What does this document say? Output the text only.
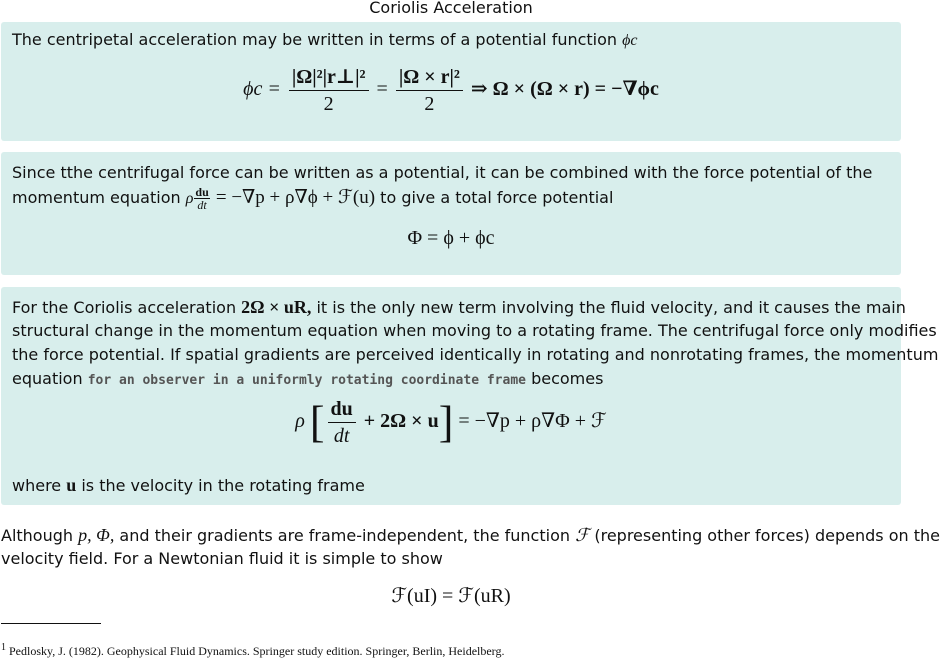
Coriolis Acceleration
The centripetal acceleration may be written in terms of a potential function ϕc
$\phi c = \frac{\text{|Ω|²|r⊥|²}}{2} = \frac{\text{|Ω × r|²}}{2}$ ⇒ Ω × (Ω × r) = −∇ϕc
Since tthe centrifugal force can be written as a potential, it can be combined with the force potential of the
momentum equation ρ $\frac{du}{dt} = -\nabla p + \rho\nabla\phi$ + ℱ(u) to give a total force potential
Φ = ϕ + ϕc
For the Coriolis acceleration 2Ω × uR, it is the only new term involving the fluid velocity, and it causes the main
structural change in the momentum equation when moving to a rotating frame. The centrifugal force only modifies
the force potential. If spatial gradients are perceived identically in rotating and nonrotating frames, the momentum
equation for an observer in a uniformly rotating coordinate frame becomes
ρ [ $\frac{du}{dt} + 2\Omega \times u] = -\nabla p + \rho\nabla\Phi$ + ℱ
where u is the velocity in the rotating frame
Although p, Φ, and their gradients are frame-independent, the function ℱ (representing other forces) depends on the
velocity field. For a Newtonian fluid it is simple to show
ℱ(uI) = ℱ(uR)
$^1$ Pedlosky, J. (1982). Geophysical Fluid Dynamics. Springer study edition. Springer, Berlin, Heidelberg.
